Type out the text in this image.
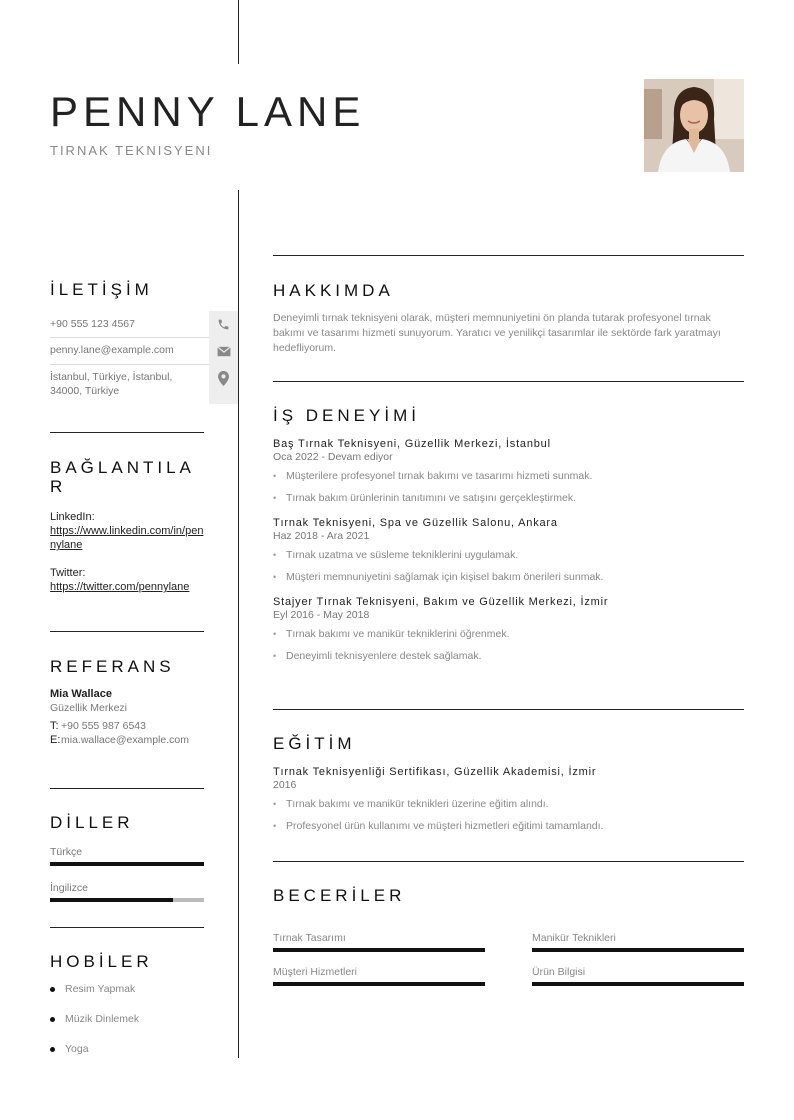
PENNY LANE
TIRNAK TEKNISYENI
İLETİŞİM
+90 555 123 4567
penny.lane@example.com
İstanbul, Türkiye, İstanbul, 34000, Türkiye
BAĞLANTILA R
LinkedIn:
https://www.linkedin.com/in/pennylane
Twitter:
https://twitter.com/pennylane
REFERANS
Mia Wallace
Güzellik Merkezi
T: +90 555 987 6543
E: mia.wallace@example.com
DİLLER
Türkçe
İngilizce
HOBİLER
Resim Yapmak
Müzik Dinlemek
Yoga
HAKKIMDA
Deneyimli tırnak teknisyeni olarak, müşteri memnuniyetini ön planda tutarak profesyonel tırnak bakımı ve tasarımı hizmeti sunuyorum. Yaratıcı ve yenilikçi tasarımlar ile sektörde fark yaratmayı hedefliyorum.
İŞ DENEYİMİ
Baş Tırnak Teknisyeni, Güzellik Merkezi, İstanbul
Oca 2022 - Devam ediyor
• Müşterilere profesyonel tırnak bakımı ve tasarımı hizmeti sunmak.
• Tırnak bakım ürünlerinin tanıtımını ve satışını gerçekleştirmek.
Tırnak Teknisyeni, Spa ve Güzellik Salonu, Ankara
Haz 2018 - Ara 2021
• Tırnak uzatma ve süsleme tekniklerini uygulamak.
• Müşteri memnuniyetini sağlamak için kişisel bakım önerileri sunmak.
Stajyer Tırnak Teknisyeni, Bakım ve Güzellik Merkezi, İzmir
Eyl 2016 - May 2018
• Tırnak bakımı ve manikür tekniklerini öğrenmek.
• Deneyimli teknisyenlere destek sağlamak.
EĞİTİM
Tırnak Teknisyenliği Sertifikası, Güzellik Akademisi, İzmir
2016
• Tırnak bakımı ve manikür teknikleri üzerine eğitim alındı.
• Profesyonel ürün kullanımı ve müşteri hizmetleri eğitimi tamamlandı.
BECERİLER
Tırnak Tasarımı	Manikür Teknikleri
Müşteri Hizmetleri	Ürün Bilgisi
